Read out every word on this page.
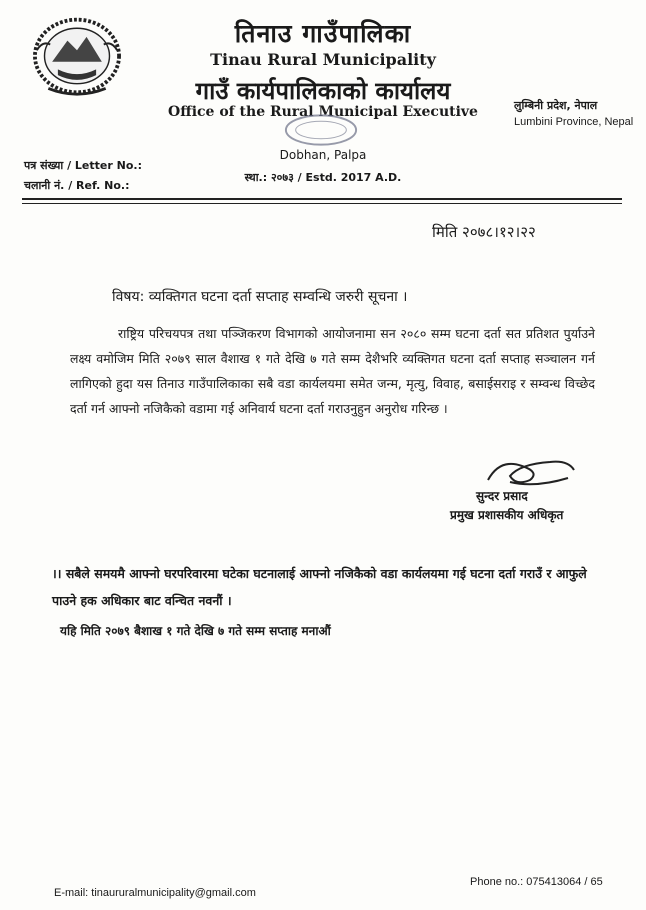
तिनाउ गाउँपालिका
Tinau Rural Municipality
गाउँ कार्यपालिकाको कार्यालय
Office of the Rural Municipal Executive
Dobhan, Palpa
स्था.: २०७३ / Estd. 2017 A.D.
लुम्बिनी प्रदेश, नेपाल
Lumbini Province, Nepal
पत्र संख्या / Letter No.:
चलानी नं. / Ref. No.:
मिति २०७८।१२।२२
विषय: व्यक्तिगत घटना दर्ता सप्ताह सम्वन्धि जरुरी सूचना ।
राष्ट्रिय परिचयपत्र तथा पञ्जिकरण विभागको आयोजनामा सन २०८० सम्म घटना दर्ता सत प्रतिशत पुर्याउने लक्ष्य वमोजिम मिति २०७९ साल वैशाख १ गते देखि ७ गते सम्म देशैभरि व्यक्तिगत घटना दर्ता सप्ताह सञ्चालन गर्न लागिएको हुदा यस तिनाउ गाउँपालिकाका सबै वडा कार्यलयमा समेत जन्म, मृत्यु, विवाह, बसाईसराइ र सम्वन्ध विच्छेद दर्ता गर्न आफ्नो नजिकैको वडामा गई अनिवार्य घटना दर्ता गराउनुहुन अनुरोध गरिन्छ ।
सुन्दर प्रसाद
प्रमुख प्रशासकीय अधिकृत
।। सबैले समयमै आफ्नो घरपरिवारमा घटेका घटनालाई आफ्नो नजिकैको वडा कार्यलयमा गई घटना दर्ता गराउँ र आफुले पाउने हक अधिकार बाट वन्चित नवनौं ।
यहि मिति २०७९ बैशाख १ गते देखि ७ गते सम्म सप्ताह मनाऔं
E-mail: tinaururalmunicipality@gmail.com
Phone no.: 075413064 / 65
